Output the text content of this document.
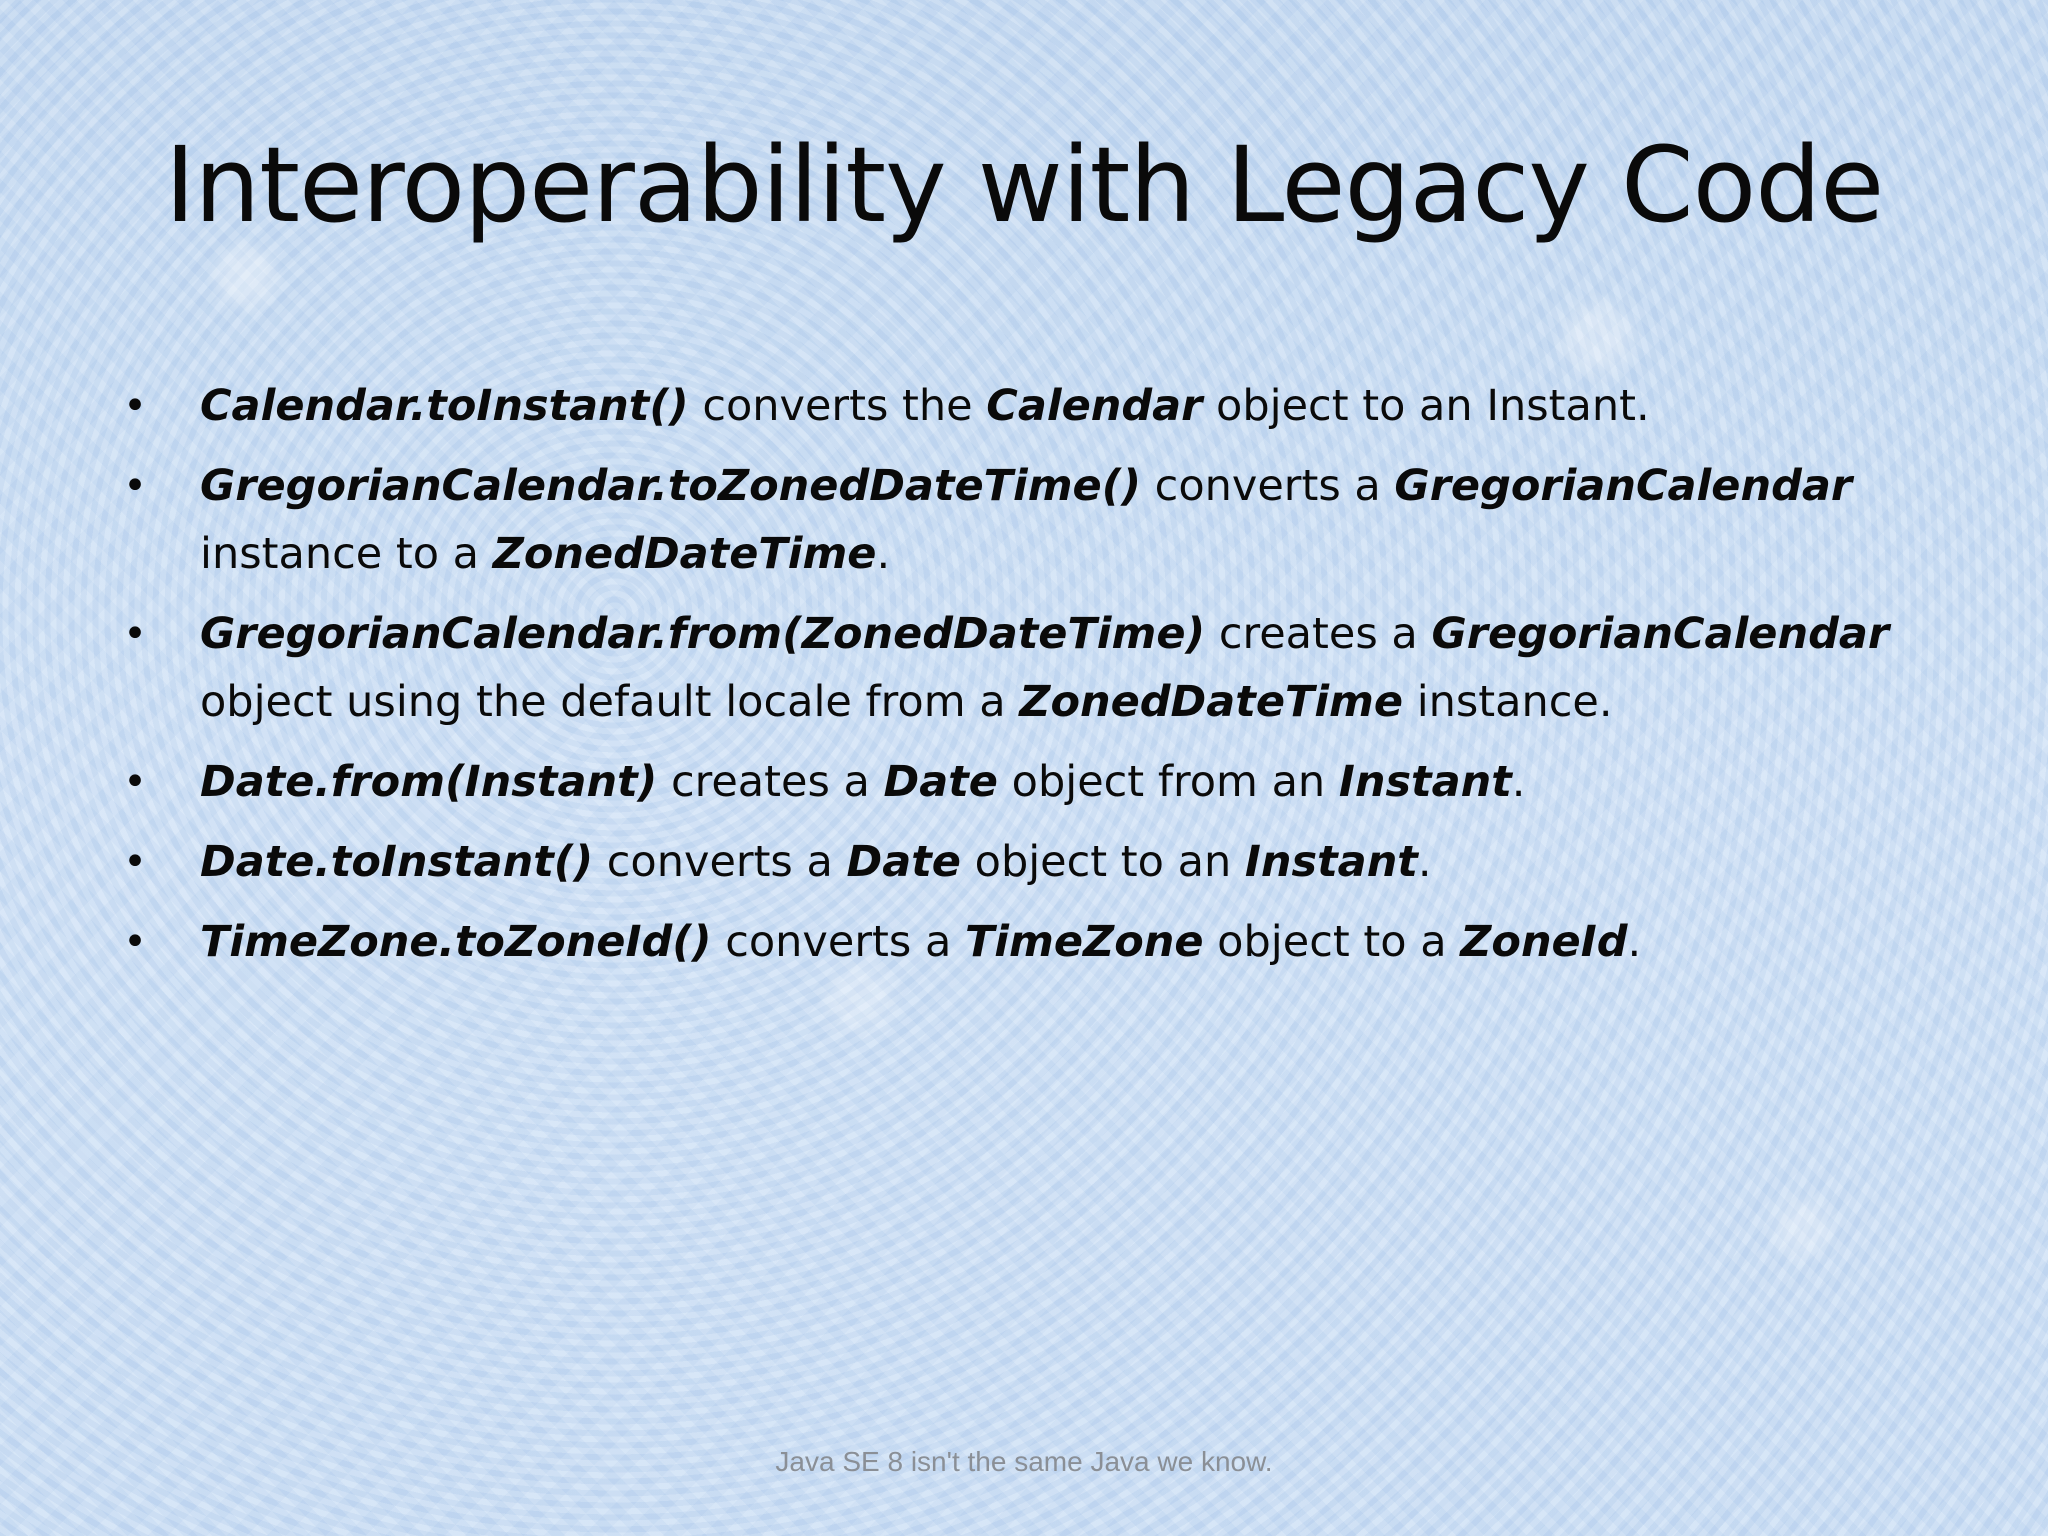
Interoperability with Legacy Code
• Calendar.toInstant() converts the Calendar object to an Instant.
• GregorianCalendar.toZonedDateTime() converts a GregorianCalendar instance to a ZonedDateTime.
• GregorianCalendar.from(ZonedDateTime) creates a GregorianCalendar object using the default locale from a ZonedDateTime instance.
• Date.from(Instant) creates a Date object from an Instant.
• Date.toInstant() converts a Date object to an Instant.
• TimeZone.toZoneId() converts a TimeZone object to a ZoneId.
Java SE 8 isn't the same Java we know.
